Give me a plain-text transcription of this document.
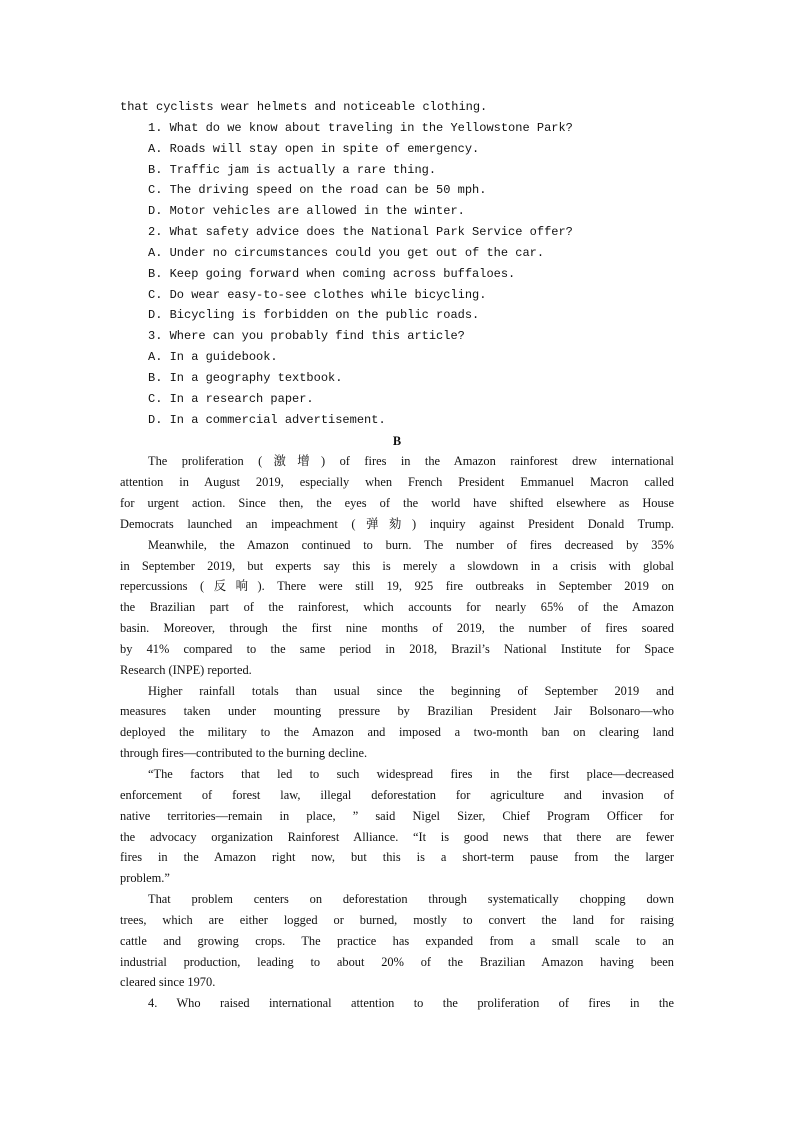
that cyclists wear helmets and noticeable clothing.

1. What do we know about traveling in the Yellowstone Park?

A. Roads will stay open in spite of emergency.

B. Traffic jam is actually a rare thing.

C. The driving speed on the road can be 50 mph.

D. Motor vehicles are allowed in the winter.

2. What safety advice does the National Park Service offer?

A. Under no circumstances could you get out of the car.

B. Keep going forward when coming across buffaloes.

C. Do wear easy-to-see clothes while bicycling.

D. Bicycling is forbidden on the public roads.

3. Where can you probably find this article?

A. In a guidebook.

B. In a geography textbook.

C. In a research paper.

D. In a commercial advertisement.

B

The proliferation (激增) of fires in the Amazon rainforest drew international

attention in August 2019, especially when French President Emmanuel Macron called

for urgent action. Since then, the eyes of the world have shifted elsewhere as House

Democrats launched an impeachment (弹劾) inquiry against President Donald Trump.

Meanwhile, the Amazon continued to burn. The number of fires decreased by 35%

in September 2019, but experts say this is merely a slowdown in a crisis with global

repercussions (反响). There were still 19, 925 fire outbreaks in September 2019 on

the Brazilian part of the rainforest, which accounts for nearly 65% of the Amazon

basin. Moreover, through the first nine months of 2019, the number of fires soared

by 41% compared to the same period in 2018, Brazil’s National Institute for Space

Research (INPE) reported.

Higher rainfall totals than usual since the beginning of September 2019 and

measures taken under mounting pressure by Brazilian President Jair Bolsonaro—who

deployed the military to the Amazon and imposed a two-month ban on clearing land

through fires—contributed to the burning decline.

“The factors that led to such widespread fires in the first place—decreased

enforcement of forest law, illegal deforestation for agriculture and invasion of

native territories—remain in place, ” said Nigel Sizer, Chief Program Officer for

the advocacy organization Rainforest Alliance. “It is good news that there are fewer

fires in the Amazon right now, but this is a short-term pause from the larger

problem.”

That problem centers on deforestation through systematically chopping down

trees, which are either logged or burned, mostly to convert the land for raising

cattle and growing crops. The practice has expanded from a small scale to an

industrial production, leading to about 20% of the Brazilian Amazon having been

cleared since 1970.

4. Who raised international attention to the proliferation of fires in the
